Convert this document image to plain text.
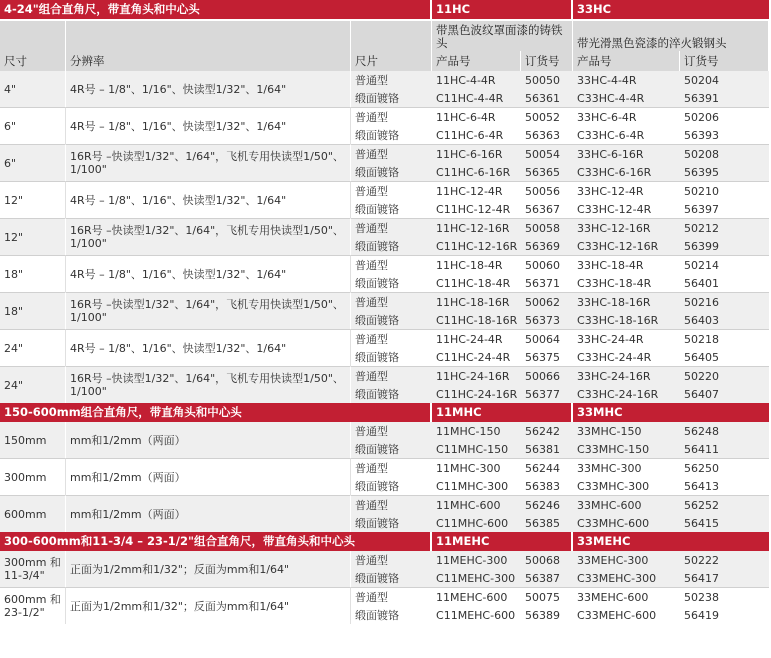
4-24"组合直角尺，带直角头和中心头			11HC		33HC	
尺寸	分辨率	尺片	带黑色波纹罩面漆的铸铁头		带光滑黑色瓷漆的淬火锻钢头	
			产品号	订货号	产品号	订货号
4"	4R号 – 1/8"、1/16"、快读型1/32"、1/64"	普通型	11HC-4-4R	50050	33HC-4-4R	50204
		缎面镀铬	C11HC-4-4R	56361	C33HC-4-4R	56391
6"	4R号 – 1/8"、1/16"、快读型1/32"、1/64"	普通型	11HC-6-4R	50052	33HC-6-4R	50206
		缎面镀铬	C11HC-6-4R	56363	C33HC-6-4R	56393
6"	16R号 –快读型1/32"、1/64"，飞机专用快读型1/50"、1/100"	普通型	11HC-6-16R	50054	33HC-6-16R	50208
		缎面镀铬	C11HC-6-16R	56365	C33HC-6-16R	56395
12"	4R号 – 1/8"、1/16"、快读型1/32"、1/64"	普通型	11HC-12-4R	50056	33HC-12-4R	50210
		缎面镀铬	C11HC-12-4R	56367	C33HC-12-4R	56397
12"	16R号 –快读型1/32"、1/64"，飞机专用快读型1/50"、1/100"	普通型	11HC-12-16R	50058	33HC-12-16R	50212
		缎面镀铬	C11HC-12-16R	56369	C33HC-12-16R	56399
18"	4R号 – 1/8"、1/16"、快读型1/32"、1/64"	普通型	11HC-18-4R	50060	33HC-18-4R	50214
		缎面镀铬	C11HC-18-4R	56371	C33HC-18-4R	56401
18"	16R号 –快读型1/32"、1/64"，飞机专用快读型1/50"、1/100"	普通型	11HC-18-16R	50062	33HC-18-16R	50216
		缎面镀铬	C11HC-18-16R	56373	C33HC-18-16R	56403
24"	4R号 – 1/8"、1/16"、快读型1/32"、1/64"	普通型	11HC-24-4R	50064	33HC-24-4R	50218
		缎面镀铬	C11HC-24-4R	56375	C33HC-24-4R	56405
24"	16R号 –快读型1/32"、1/64"，飞机专用快读型1/50"、1/100"	普通型	11HC-24-16R	50066	33HC-24-16R	50220
		缎面镀铬	C11HC-24-16R	56377	C33HC-24-16R	56407
150-600mm组合直角尺，带直角头和中心头			11MHC		33MHC	
150mm	mm和1/2mm（两面）	普通型	11MHC-150	56242	33MHC-150	56248
		缎面镀铬	C11MHC-150	56381	C33MHC-150	56411
300mm	mm和1/2mm（两面）	普通型	11MHC-300	56244	33MHC-300	56250
		缎面镀铬	C11MHC-300	56383	C33MHC-300	56413
600mm	mm和1/2mm（两面）	普通型	11MHC-600	56246	33MHC-600	56252
		缎面镀铬	C11MHC-600	56385	C33MHC-600	56415
300-600mm和11-3/4 – 23-1/2"组合直角尺，带直角头和中心头			11MEHC		33MEHC	
300mm 和 11-3/4"	正面为1/2mm和1/32"；反面为mm和1/64"	普通型	11MEHC-300	50068	33MEHC-300	50222
		缎面镀铬	C11MEHC-300	56387	C33MEHC-300	56417
600mm 和 23-1/2"	正面为1/2mm和1/32"；反面为mm和1/64"	普通型	11MEHC-600	50075	33MEHC-600	50238
		缎面镀铬	C11MEHC-600	56389	C33MEHC-600	56419
